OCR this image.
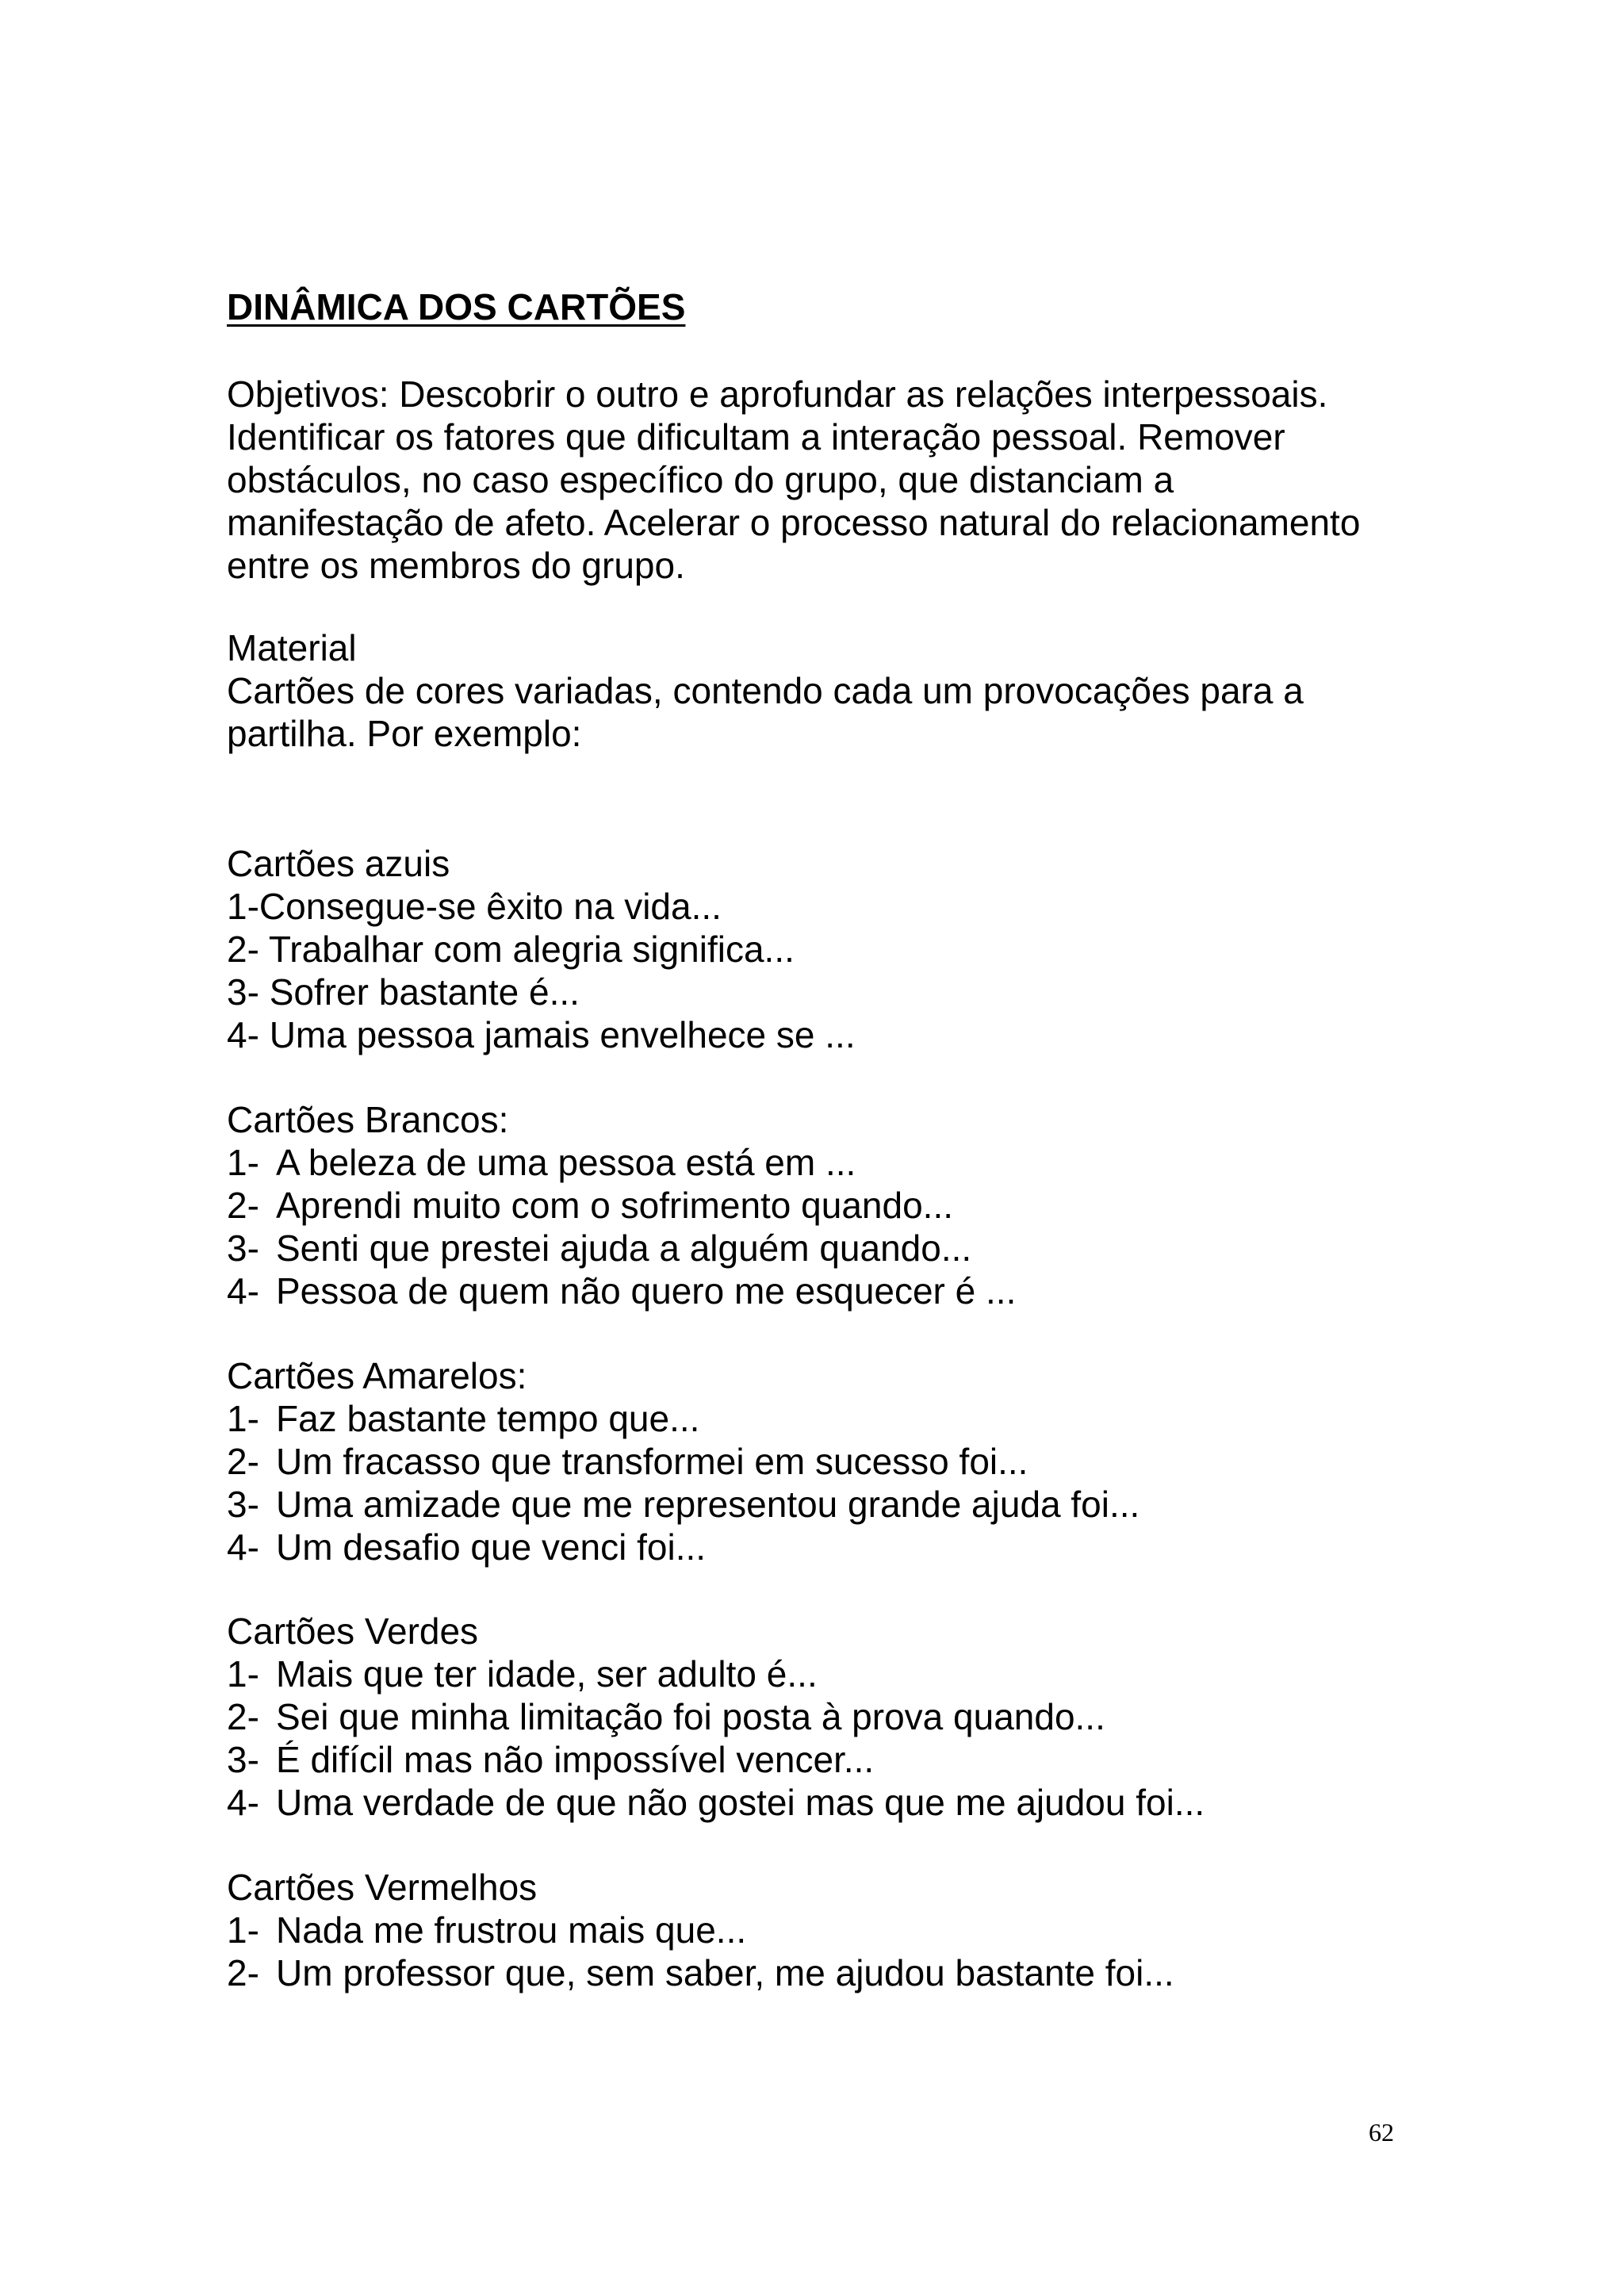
DINÂMICA DOS CARTÕES

Objetivos: Descobrir o outro e aprofundar as relações interpessoais.

Identificar os fatores que dificultam a interação pessoal. Remover

obstáculos, no caso específico do grupo, que distanciam a

manifestação de afeto. Acelerar o processo natural do relacionamento

entre os membros do grupo.

Material

Cartões de cores variadas, contendo cada um provocações para a

partilha. Por exemplo:

Cartões azuis

1-Consegue-se êxito na vida...
2- Trabalhar com alegria significa...
3- Sofrer bastante é...
4- Uma pessoa jamais envelhece se ...

Cartões Brancos:

1- A beleza de uma pessoa está em ...
2- Aprendi muito com o sofrimento quando...
3- Senti que prestei ajuda a alguém quando...
4- Pessoa de quem não quero me esquecer é ...

Cartões Amarelos:

1- Faz bastante tempo que...
2- Um fracasso que transformei em sucesso foi...
3- Uma amizade que me representou grande ajuda foi...
4- Um desafio que venci foi...

Cartões Verdes

1- Mais que ter idade, ser adulto é...
2- Sei que minha limitação foi posta à prova quando...
3- É difícil mas não impossível vencer...
4- Uma verdade de que não gostei mas que me ajudou foi...

Cartões Vermelhos

1- Nada me frustrou mais que...
2- Um professor que, sem saber, me ajudou bastante foi...
62
